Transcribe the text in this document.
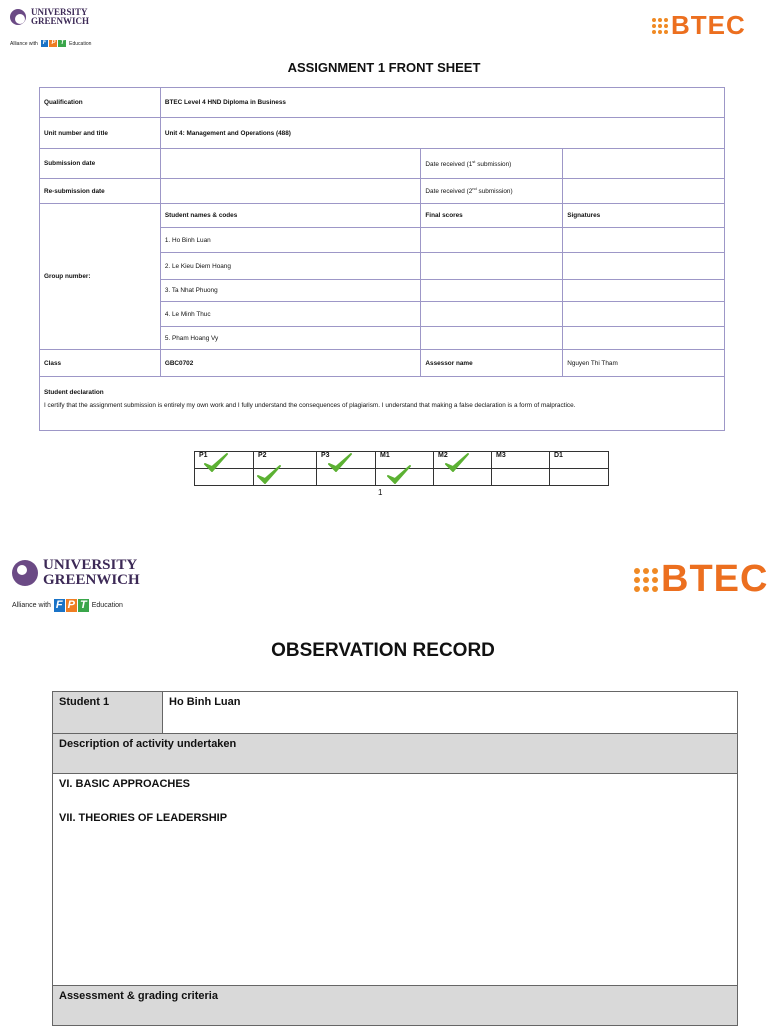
UNIVERSITY
GREENWICH
Alliance with F P T	Education
BTEC
ASSIGNMENT 1 FRONT SHEET
Qualification	BTEC Level 4 HND Diploma in Business		
Unit number and title	Unit 4: Management and Operations (488)		
Submission date		Date received (1st submission)	
Re-submission date		Date received (2nd submission)	
Group number:	Student names & codes	Final scores	Signatures
	1. Ho Binh Luan		
	2. Le Kieu Diem Hoang		
	3. Ta Nhat Phuong		
	4. Le Minh Thuc		
	5. Pham Hoang Vy		
Class	GBC0702	Assessor name	Nguyen Thi Tham

Student declaration
I certify that the assignment submission is entirely my own work and I fully understand the consequences of plagiarism. I understand that making a false declaration is a form of malpractice.			
P1	P2	P3	M1	M2	M3	D1

1
UNIVERSITY
GREENWICH
Alliance with F P T Education
BTEC
OBSERVATION RECORD
Student 1	Ho Binh Luan
Description of activity undertaken

VI. BASIC APPROACHES
VII. THEORIES OF LEADERSHIP

Assessment & grading criteria
